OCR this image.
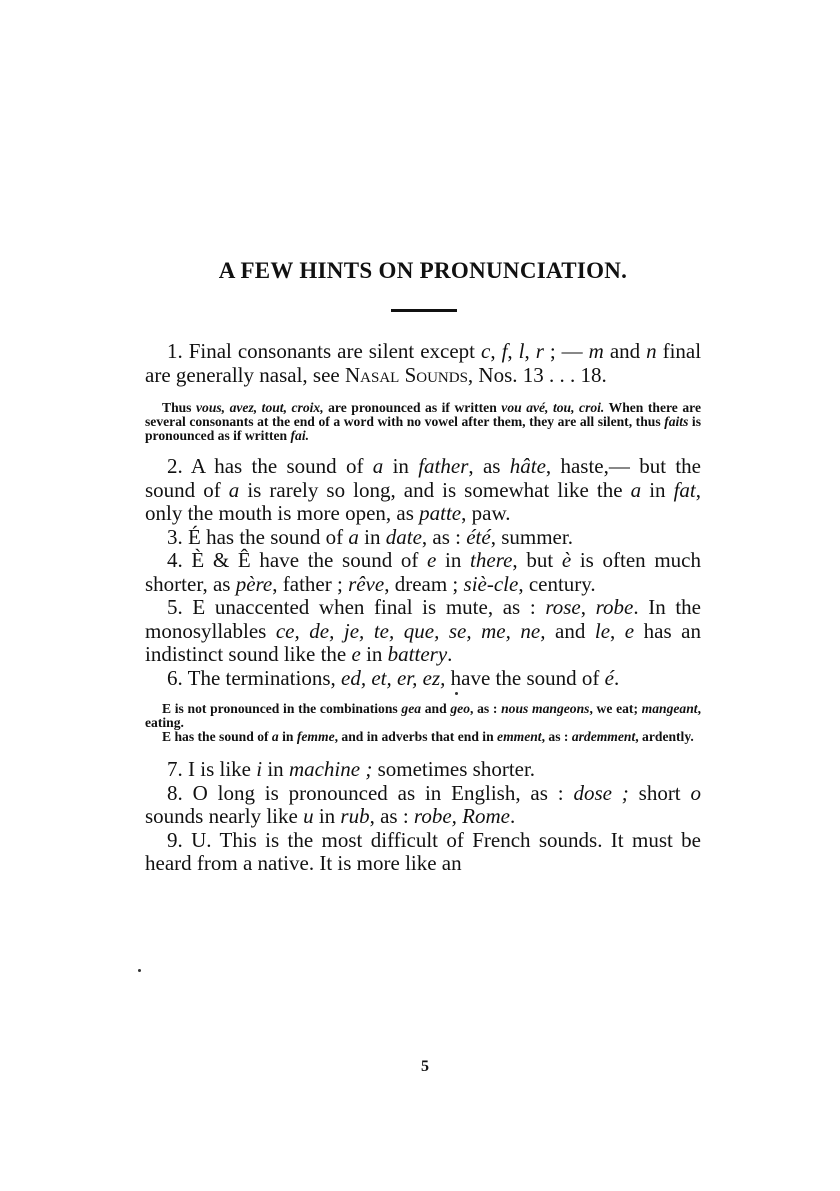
A FEW HINTS ON PRONUNCIATION.

1. Final consonants are silent except c, f, l, r ; — m and n final are generally nasal, see Nasal Sounds, Nos. 13 . . . 18.

Thus vous, avez, tout, croix, are pronounced as if written vou avé, tou, croi. When there are several consonants at the end of a word with no vowel after them, they are all silent, thus faits is pronounced as if written fai.

2. A has the sound of a in father, as hâte, haste,— but the sound of a is rarely so long, and is somewhat like the a in fat, only the mouth is more open, as patte, paw.

3. É has the sound of a in date, as : été, summer.

4. È & Ê have the sound of e in there, but è is often much shorter, as père, father ; rêve, dream ; siè-cle, century.

5. E unaccented when final is mute, as : rose, robe. In the monosyllables ce, de, je, te, que, se, me, ne, and le, e has an indistinct sound like the e in battery.

6. The terminations, ed, et, er, ez, have the sound of é.

E is not pronounced in the combinations gea and geo, as : nous mangeons, we eat; mangeant, eating.

E has the sound of a in femme, and in adverbs that end in emment, as : ardemment, ardently.

7. I is like i in machine ; sometimes shorter.

8. O long is pronounced as in English, as : dose ; short o sounds nearly like u in rub, as : robe, Rome.

9. U. This is the most difficult of French sounds. It must be heard from a native. It is more like an

5
